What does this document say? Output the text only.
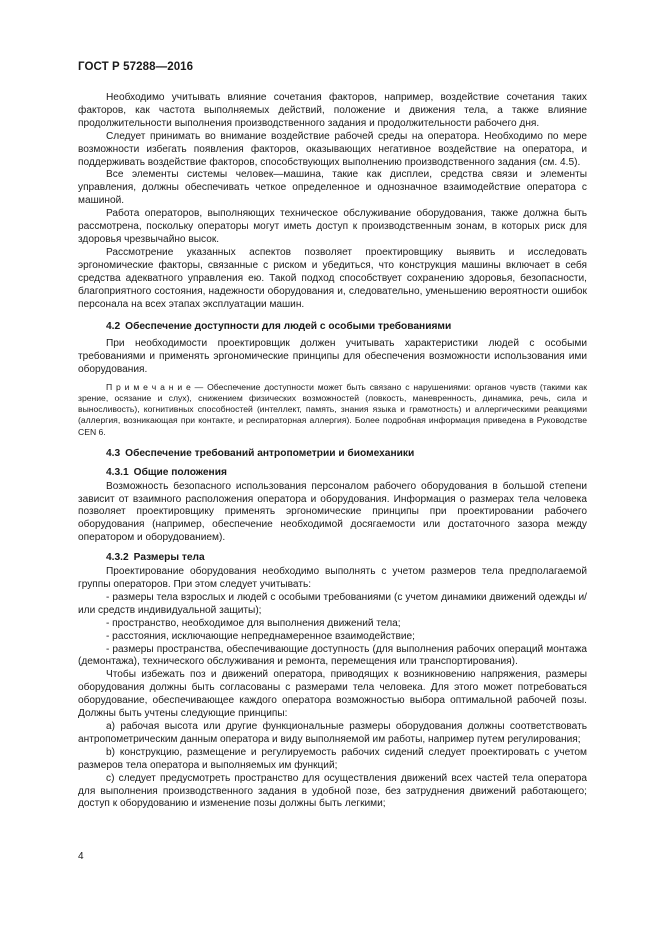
ГОСТ Р 57288—2016

Необходимо учитывать влияние сочетания факторов, например, воздействие сочетания таких факторов, как частота выполняемых действий, положение и движения тела, а также влияние продолжительности выполнения производственного задания и продолжительности рабочего дня.

Следует принимать во внимание воздействие рабочей среды на оператора. Необходимо по мере возможности избегать появления факторов, оказывающих негативное воздействие на оператора, и поддерживать воздействие факторов, способствующих выполнению производственного задания (см. 4.5).

Все элементы системы человек—машина, такие как дисплеи, средства связи и элементы управления, должны обеспечивать четкое определенное и однозначное взаимодействие оператора с машиной.

Работа операторов, выполняющих техническое обслуживание оборудования, также должна быть рассмотрена, поскольку операторы могут иметь доступ к производственным зонам, в которых риск для здоровья чрезвычайно высок.

Рассмотрение указанных аспектов позволяет проектировщику выявить и исследовать эргономические факторы, связанные с риском и убедиться, что конструкция машины включает в себя средства адекватного управления ею. Такой подход способствует сохранению здоровья, безопасности, благоприятного состояния, надежности оборудования и, следовательно, уменьшению вероятности ошибок персонала на всех этапах эксплуатации машин.

4.2 Обеспечение доступности для людей с особыми требованиями

При необходимости проектировщик должен учитывать характеристики людей с особыми требованиями и применять эргономические принципы для обеспечения возможности использования ими оборудования.

П р и м е ч а н и е — Обеспечение доступности может быть связано с нарушениями: органов чувств (такими как зрение, осязание и слух), снижением физических возможностей (ловкость, маневренность, динамика, речь, сила и выносливость), когнитивных способностей (интеллект, память, знания языка и грамотность) и аллергическими реакциями (аллергия, возникающая при контакте, и респираторная аллергия). Более подробная информация приведена в Руководстве CEN 6.

4.3 Обеспечение требований антропометрии и биомеханики
4.3.1 Общие положения

Возможность безопасного использования персоналом рабочего оборудования в большой степени зависит от взаимного расположения оператора и оборудования. Информация о размерах тела человека позволяет проектировщику применять эргономические принципы при проектировании рабочего оборудования (например, обеспечение необходимой досягаемости или достаточного зазора между оператором и оборудованием).

4.3.2 Размеры тела

Проектирование оборудования необходимо выполнять с учетом размеров тела предполагаемой группы операторов. При этом следует учитывать:

- размеры тела взрослых и людей с особыми требованиями (с учетом динамики движений одежды и/или средств индивидуальной защиты);

- пространство, необходимое для выполнения движений тела;

- расстояния, исключающие непреднамеренное взаимодействие;

- размеры пространства, обеспечивающие доступность (для выполнения рабочих операций монтажа (демонтажа), технического обслуживания и ремонта, перемещения или транспортирования).

Чтобы избежать поз и движений оператора, приводящих к возникновению напряжения, размеры оборудования должны быть согласованы с размерами тела человека. Для этого может потребоваться оборудование, обеспечивающее каждого оператора возможностью выбора оптимальной рабочей позы. Должны быть учтены следующие принципы:

а) рабочая высота или другие функциональные размеры оборудования должны соответствовать антропометрическим данным оператора и виду выполняемой им работы, например путем регулирования;

b) конструкцию, размещение и регулируемость рабочих сидений следует проектировать с учетом размеров тела оператора и выполняемых им функций;

с) следует предусмотреть пространство для осуществления движений всех частей тела оператора для выполнения производственного задания в удобной позе, без затруднения движений работающего; доступ к оборудованию и изменение позы должны быть легкими;

4
